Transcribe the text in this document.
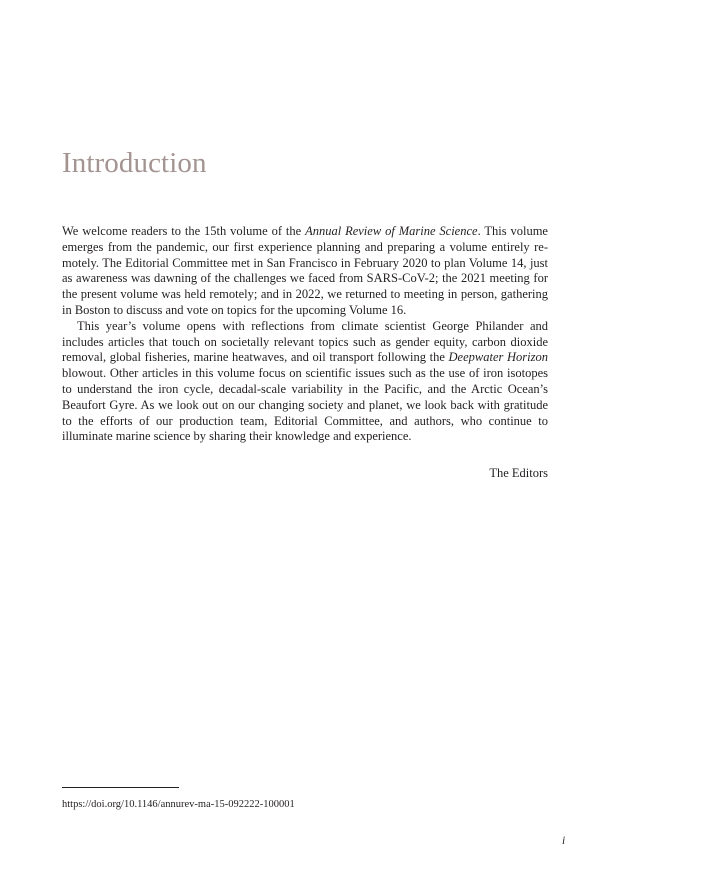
Introduction

We welcome readers to the 15th volume of the Annual Review of Marine Science. This volume emerges from the pandemic, our first experience planning and preparing a volume entirely remotely. The Editorial Committee met in San Francisco in February 2020 to plan Volume 14, just as awareness was dawning of the challenges we faced from SARS-CoV-2; the 2021 meeting for the present volume was held remotely; and in 2022, we returned to meeting in person, gathering in Boston to discuss and vote on topics for the upcoming Volume 16.

This year’s volume opens with reflections from climate scientist George Philander and includes articles that touch on societally relevant topics such as gender equity, carbon dioxide removal, global fisheries, marine heatwaves, and oil transport following the Deepwater Horizon blowout. Other articles in this volume focus on scientific issues such as the use of iron isotopes to understand the iron cycle, decadal-scale variability in the Pacific, and the Arctic Ocean’s Beaufort Gyre. As we look out on our changing society and planet, we look back with gratitude to the efforts of our production team, Editorial Committee, and authors, who continue to illuminate marine science by sharing their knowledge and experience.

The Editors
https://doi.org/10.1146/annurev-ma-15-092222-100001
i
